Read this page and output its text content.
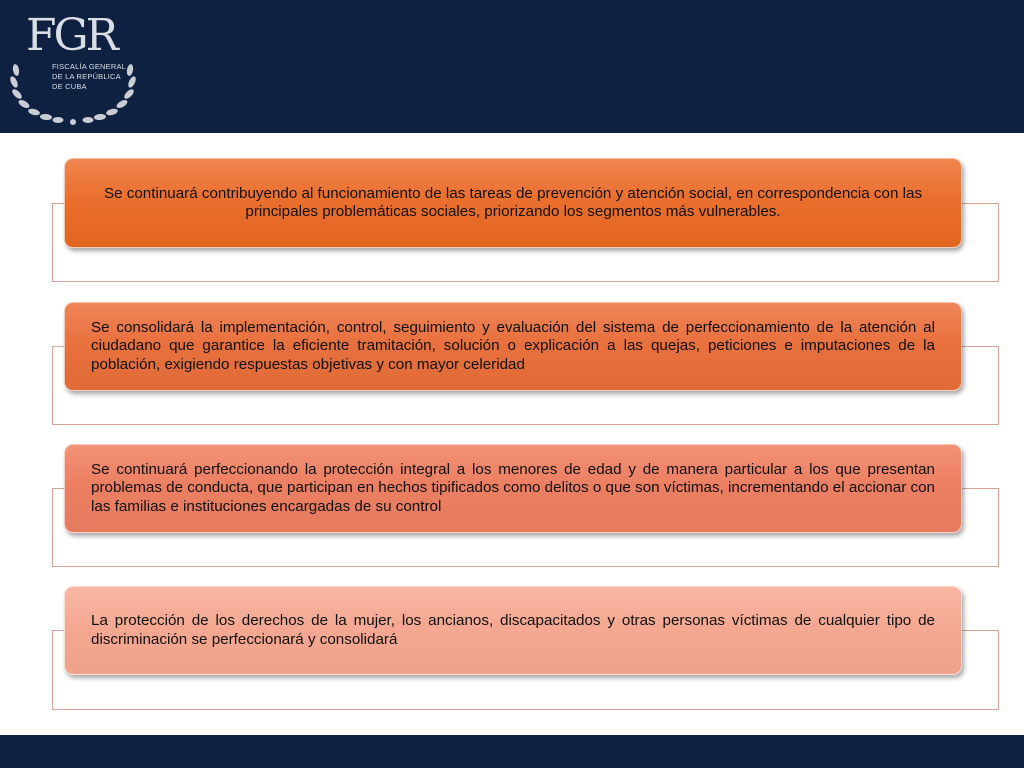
FGR
FISCALÍA GENERAL
DE LA REPÚBLICA
DE CUBA

Se continuará contribuyendo al funcionamiento de las tareas de prevención y atención social, en correspondencia con las principales problemáticas sociales, priorizando los segmentos más vulnerables.

Se consolidará la implementación, control, seguimiento y evaluación del sistema de perfeccionamiento de la atención al ciudadano que garantice la eficiente tramitación, solución o explicación a las quejas, peticiones e imputaciones de la población, exigiendo respuestas objetivas y con mayor celeridad

Se continuará perfeccionando la protección integral a los menores de edad y de manera particular a los que presentan problemas de conducta, que participan en hechos tipificados como delitos o que son víctimas, incrementando el accionar con las familias e instituciones encargadas de su control

La protección de los derechos de la mujer, los ancianos, discapacitados y otras personas víctimas de cualquier tipo de discriminación se perfeccionará y consolidará
